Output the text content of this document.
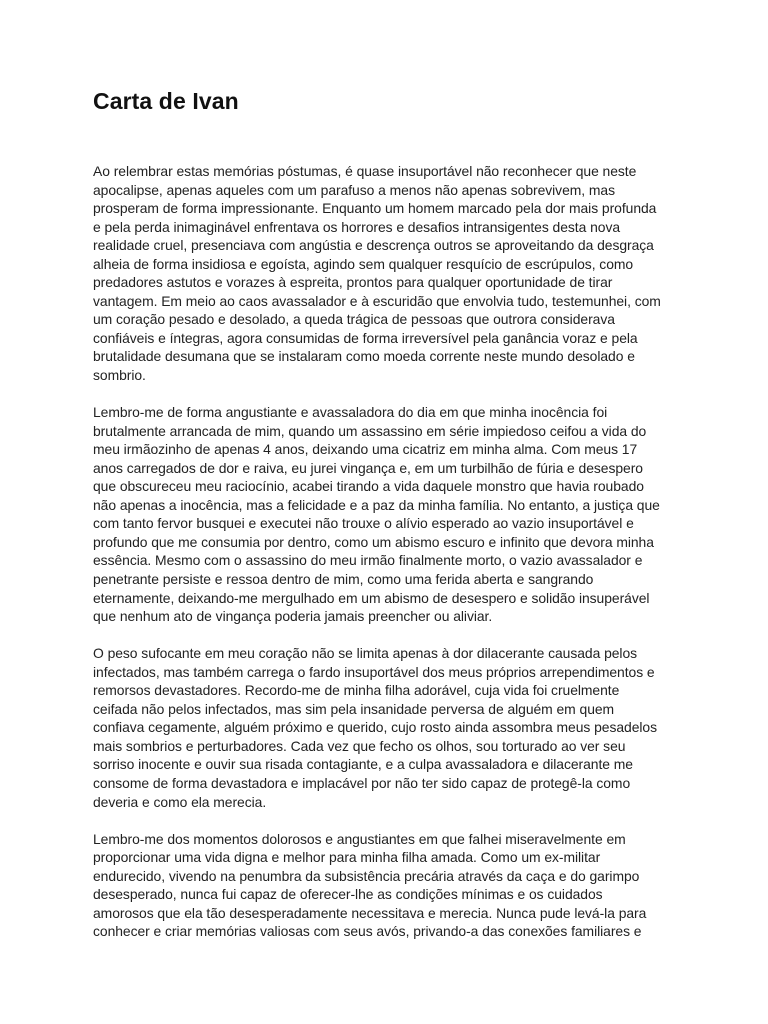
Carta de Ivan

Ao relembrar estas memórias póstumas, é quase insuportável não reconhecer que neste
apocalipse, apenas aqueles com um parafuso a menos não apenas sobrevivem, mas
prosperam de forma impressionante. Enquanto um homem marcado pela dor mais profunda
e pela perda inimaginável enfrentava os horrores e desafios intransigentes desta nova
realidade cruel, presenciava com angústia e descrença outros se aproveitando da desgraça
alheia de forma insidiosa e egoísta, agindo sem qualquer resquício de escrúpulos, como
predadores astutos e vorazes à espreita, prontos para qualquer oportunidade de tirar
vantagem. Em meio ao caos avassalador e à escuridão que envolvia tudo, testemunhei, com
um coração pesado e desolado, a queda trágica de pessoas que outrora considerava
confiáveis e íntegras, agora consumidas de forma irreversível pela ganância voraz e pela
brutalidade desumana que se instalaram como moeda corrente neste mundo desolado e
sombrio.

Lembro-me de forma angustiante e avassaladora do dia em que minha inocência foi
brutalmente arrancada de mim, quando um assassino em série impiedoso ceifou a vida do
meu irmãozinho de apenas 4 anos, deixando uma cicatriz em minha alma. Com meus 17
anos carregados de dor e raiva, eu jurei vingança e, em um turbilhão de fúria e desespero
que obscureceu meu raciocínio, acabei tirando a vida daquele monstro que havia roubado
não apenas a inocência, mas a felicidade e a paz da minha família. No entanto, a justiça que
com tanto fervor busquei e executei não trouxe o alívio esperado ao vazio insuportável e
profundo que me consumia por dentro, como um abismo escuro e infinito que devora minha
essência. Mesmo com o assassino do meu irmão finalmente morto, o vazio avassalador e
penetrante persiste e ressoa dentro de mim, como uma ferida aberta e sangrando
eternamente, deixando-me mergulhado em um abismo de desespero e solidão insuperável
que nenhum ato de vingança poderia jamais preencher ou aliviar.

O peso sufocante em meu coração não se limita apenas à dor dilacerante causada pelos
infectados, mas também carrega o fardo insuportável dos meus próprios arrependimentos e
remorsos devastadores. Recordo-me de minha filha adorável, cuja vida foi cruelmente
ceifada não pelos infectados, mas sim pela insanidade perversa de alguém em quem
confiava cegamente, alguém próximo e querido, cujo rosto ainda assombra meus pesadelos
mais sombrios e perturbadores. Cada vez que fecho os olhos, sou torturado ao ver seu
sorriso inocente e ouvir sua risada contagiante, e a culpa avassaladora e dilacerante me
consome de forma devastadora e implacável por não ter sido capaz de protegê-la como
deveria e como ela merecia.

Lembro-me dos momentos dolorosos e angustiantes em que falhei miseravelmente em
proporcionar uma vida digna e melhor para minha filha amada. Como um ex-militar
endurecido, vivendo na penumbra da subsistência precária através da caça e do garimpo
desesperado, nunca fui capaz de oferecer-lhe as condições mínimas e os cuidados
amorosos que ela tão desesperadamente necessitava e merecia. Nunca pude levá-la para
conhecer e criar memórias valiosas com seus avós, privando-a das conexões familiares e
